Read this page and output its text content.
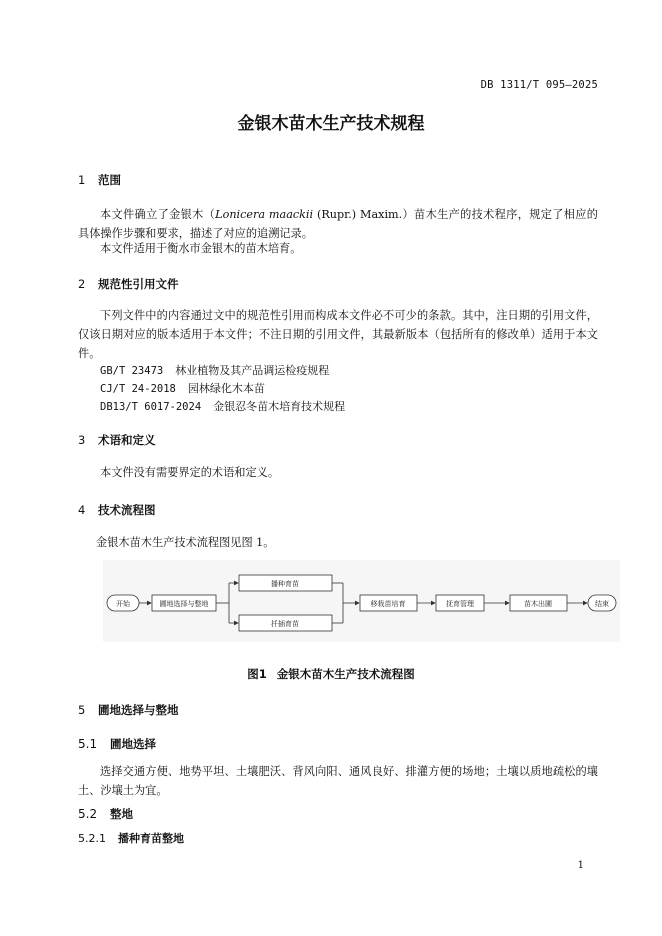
DB 1311/T 095—2025
金银木苗木生产技术规程
1 范围
本文件确立了金银木（Lonicera maackii (Rupr.) Maxim.）苗木生产的技术程序，规定了相应的具体操作步骤和要求，描述了对应的追溯记录。
本文件适用于衡水市金银木的苗木培育。
2 规范性引用文件
下列文件中的内容通过文中的规范性引用而构成本文件必不可少的条款。其中，注日期的引用文件，仅该日期对应的版本适用于本文件；不注日期的引用文件，其最新版本（包括所有的修改单）适用于本文件。
GB/T 23473 林业植物及其产品调运检疫规程
CJ/T 24-2018 园林绿化木本苗
DB13/T 6017-2024 金银忍冬苗木培育技术规程
3 术语和定义
本文件没有需要界定的术语和定义。
4 技术流程图
金银木苗木生产技术流程图见图 1。
开始	圃地选择与整地
播种育苗
扦插育苗
移栽苗培育	抚育管理	苗木出圃	结束
图1 金银木苗木生产技术流程图
5 圃地选择与整地
5.1 圃地选择
选择交通方便、地势平坦、土壤肥沃、背风向阳、通风良好、排灌方便的场地；土壤以质地疏松的壤土、沙壤土为宜。
5.2 整地
5.2.1 播种育苗整地
1
